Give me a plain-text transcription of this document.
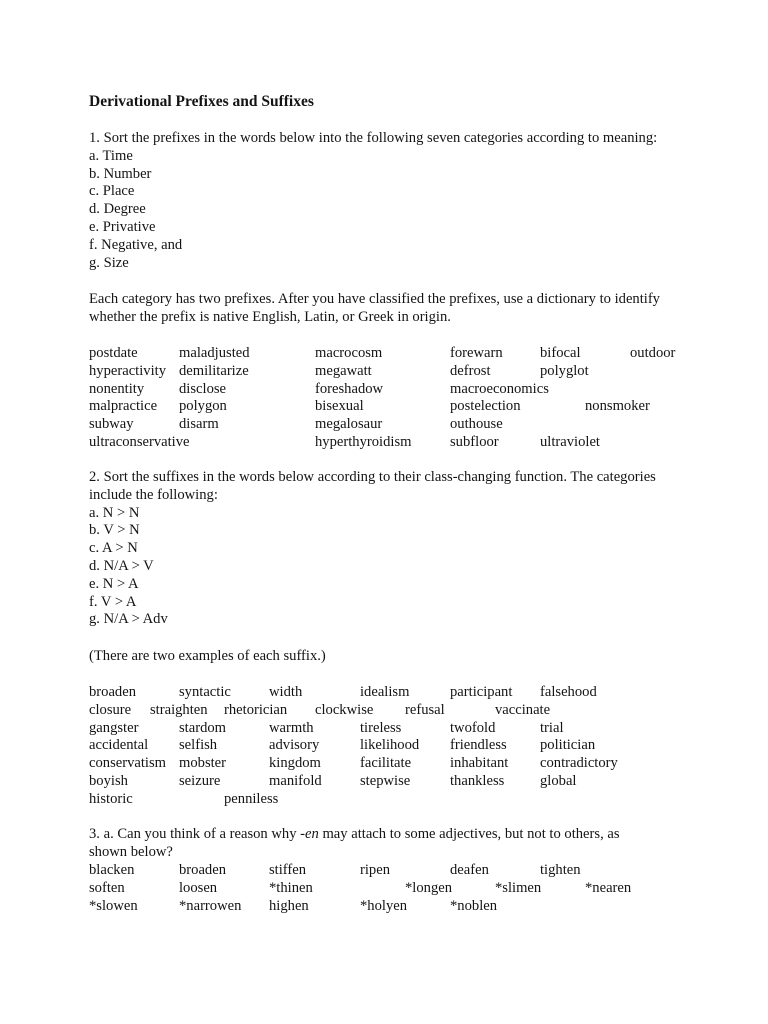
Derivational Prefixes and Suffixes
1. Sort the prefixes in the words below into the following seven categories according to meaning:
a. Time
b. Number
c. Place
d. Degree
e. Privative
f. Negative, and
g. Size
Each category has two prefixes. After you have classified the prefixes, use a dictionary to identify
whether the prefix is native English, Latin, or Greek in origin.
postdate	maladjusted	macrocosm	forewarn	bifocal	outdoor
hyperactivity demilitarize	megawatt	defrost	polyglot
nonentity disclose	foreshadow	macroeconomics
malpractice polygon	bisexual	postelection	nonsmoker
subway	disarm	megalosaur	outhouse
ultraconservative	hyperthyroidism	subfloor	ultraviolet
2. Sort the suffixes in the words below according to their class-changing function. The categories
include the following:
a. N > N
b. V > N
c. A > N
d. N/A > V
e. N > A
f. V > A
g. N/A > Adv
(There are two examples of each suffix.)
broaden	syntactic	width	idealism	participant falsehood
closure straighten rhetorician clockwise refusal	vaccinate
gangster	stardom	warmth	tireless	twofold	trial
accidental selfish	advisory	likelihood friendless politician
conservatism mobster	kingdom	facilitate	inhabitant contradictory
boyish	seizure	manifold	stepwise	thankless global
historic	penniless
3. a. Can you think of a reason why -en may attach to some adjectives, but not to others, as
shown below?
blacken	broaden	stiffen	ripen	deafen	tighten
soften	loosen	*thinen	*longen	*slimen	*nearen
*slowen	*narrowen highen	*holyen	*noblen
